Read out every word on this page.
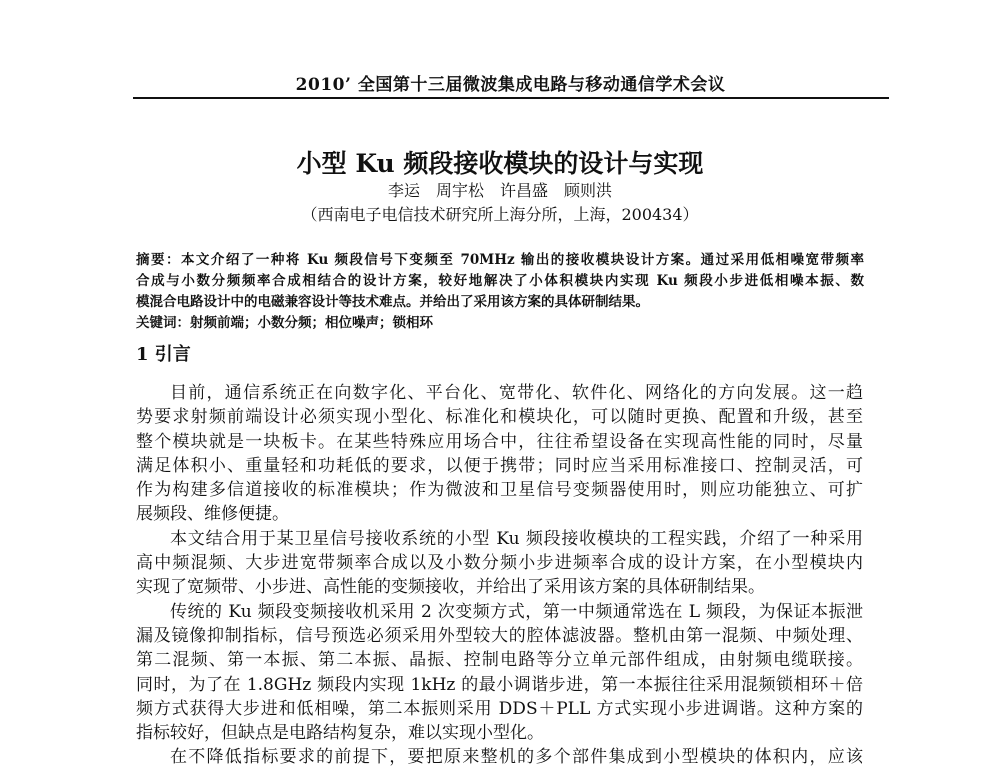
2010’ 全国第十三届微波集成电路与移动通信学术会议
小型 Ku 频段接收模块的设计与实现
李运　周宇松　许昌盛　顾则洪
（西南电子电信技术研究所上海分所，上海，200434）
摘要：本文介绍了一种将 Ku 频段信号下变频至 70MHz 输出的接收模块设计方案。通过采用低相噪宽带频率
合成与小数分频频率合成相结合的设计方案，较好地解决了小体积模块内实现 Ku 频段小步进低相噪本振、数
模混合电路设计中的电磁兼容设计等技术难点。并给出了采用该方案的具体研制结果。
关键词：射频前端；小数分频；相位噪声；锁相环
1 引言
目前，通信系统正在向数字化、平台化、宽带化、软件化、网络化的方向发展。这一趋
势要求射频前端设计必须实现小型化、标准化和模块化，可以随时更换、配置和升级，甚至
整个模块就是一块板卡。在某些特殊应用场合中，往往希望设备在实现高性能的同时，尽量
满足体积小、重量轻和功耗低的要求，以便于携带；同时应当采用标准接口、控制灵活，可
作为构建多信道接收的标准模块；作为微波和卫星信号变频器使用时，则应功能独立、可扩
展频段、维修便捷。
本文结合用于某卫星信号接收系统的小型 Ku 频段接收模块的工程实践，介绍了一种采用
高中频混频、大步进宽带频率合成以及小数分频小步进频率合成的设计方案，在小型模块内
实现了宽频带、小步进、高性能的变频接收，并给出了采用该方案的具体研制结果。
传统的 Ku 频段变频接收机采用 2 次变频方式，第一中频通常选在 L 频段，为保证本振泄
漏及镜像抑制指标，信号预选必须采用外型较大的腔体滤波器。整机由第一混频、中频处理、
第二混频、第一本振、第二本振、晶振、控制电路等分立单元部件组成，由射频电缆联接。
同时，为了在 1.8GHz 频段内实现 1kHz 的最小调谐步进，第一本振往往采用混频锁相环＋倍
频方式获得大步进和低相噪，第二本振则采用 DDS＋PLL 方式实现小步进调谐。这种方案的
指标较好，但缺点是电路结构复杂，难以实现小型化。
在不降低指标要求的前提下，要把原来整机的多个部件集成到小型模块的体积内，应该
